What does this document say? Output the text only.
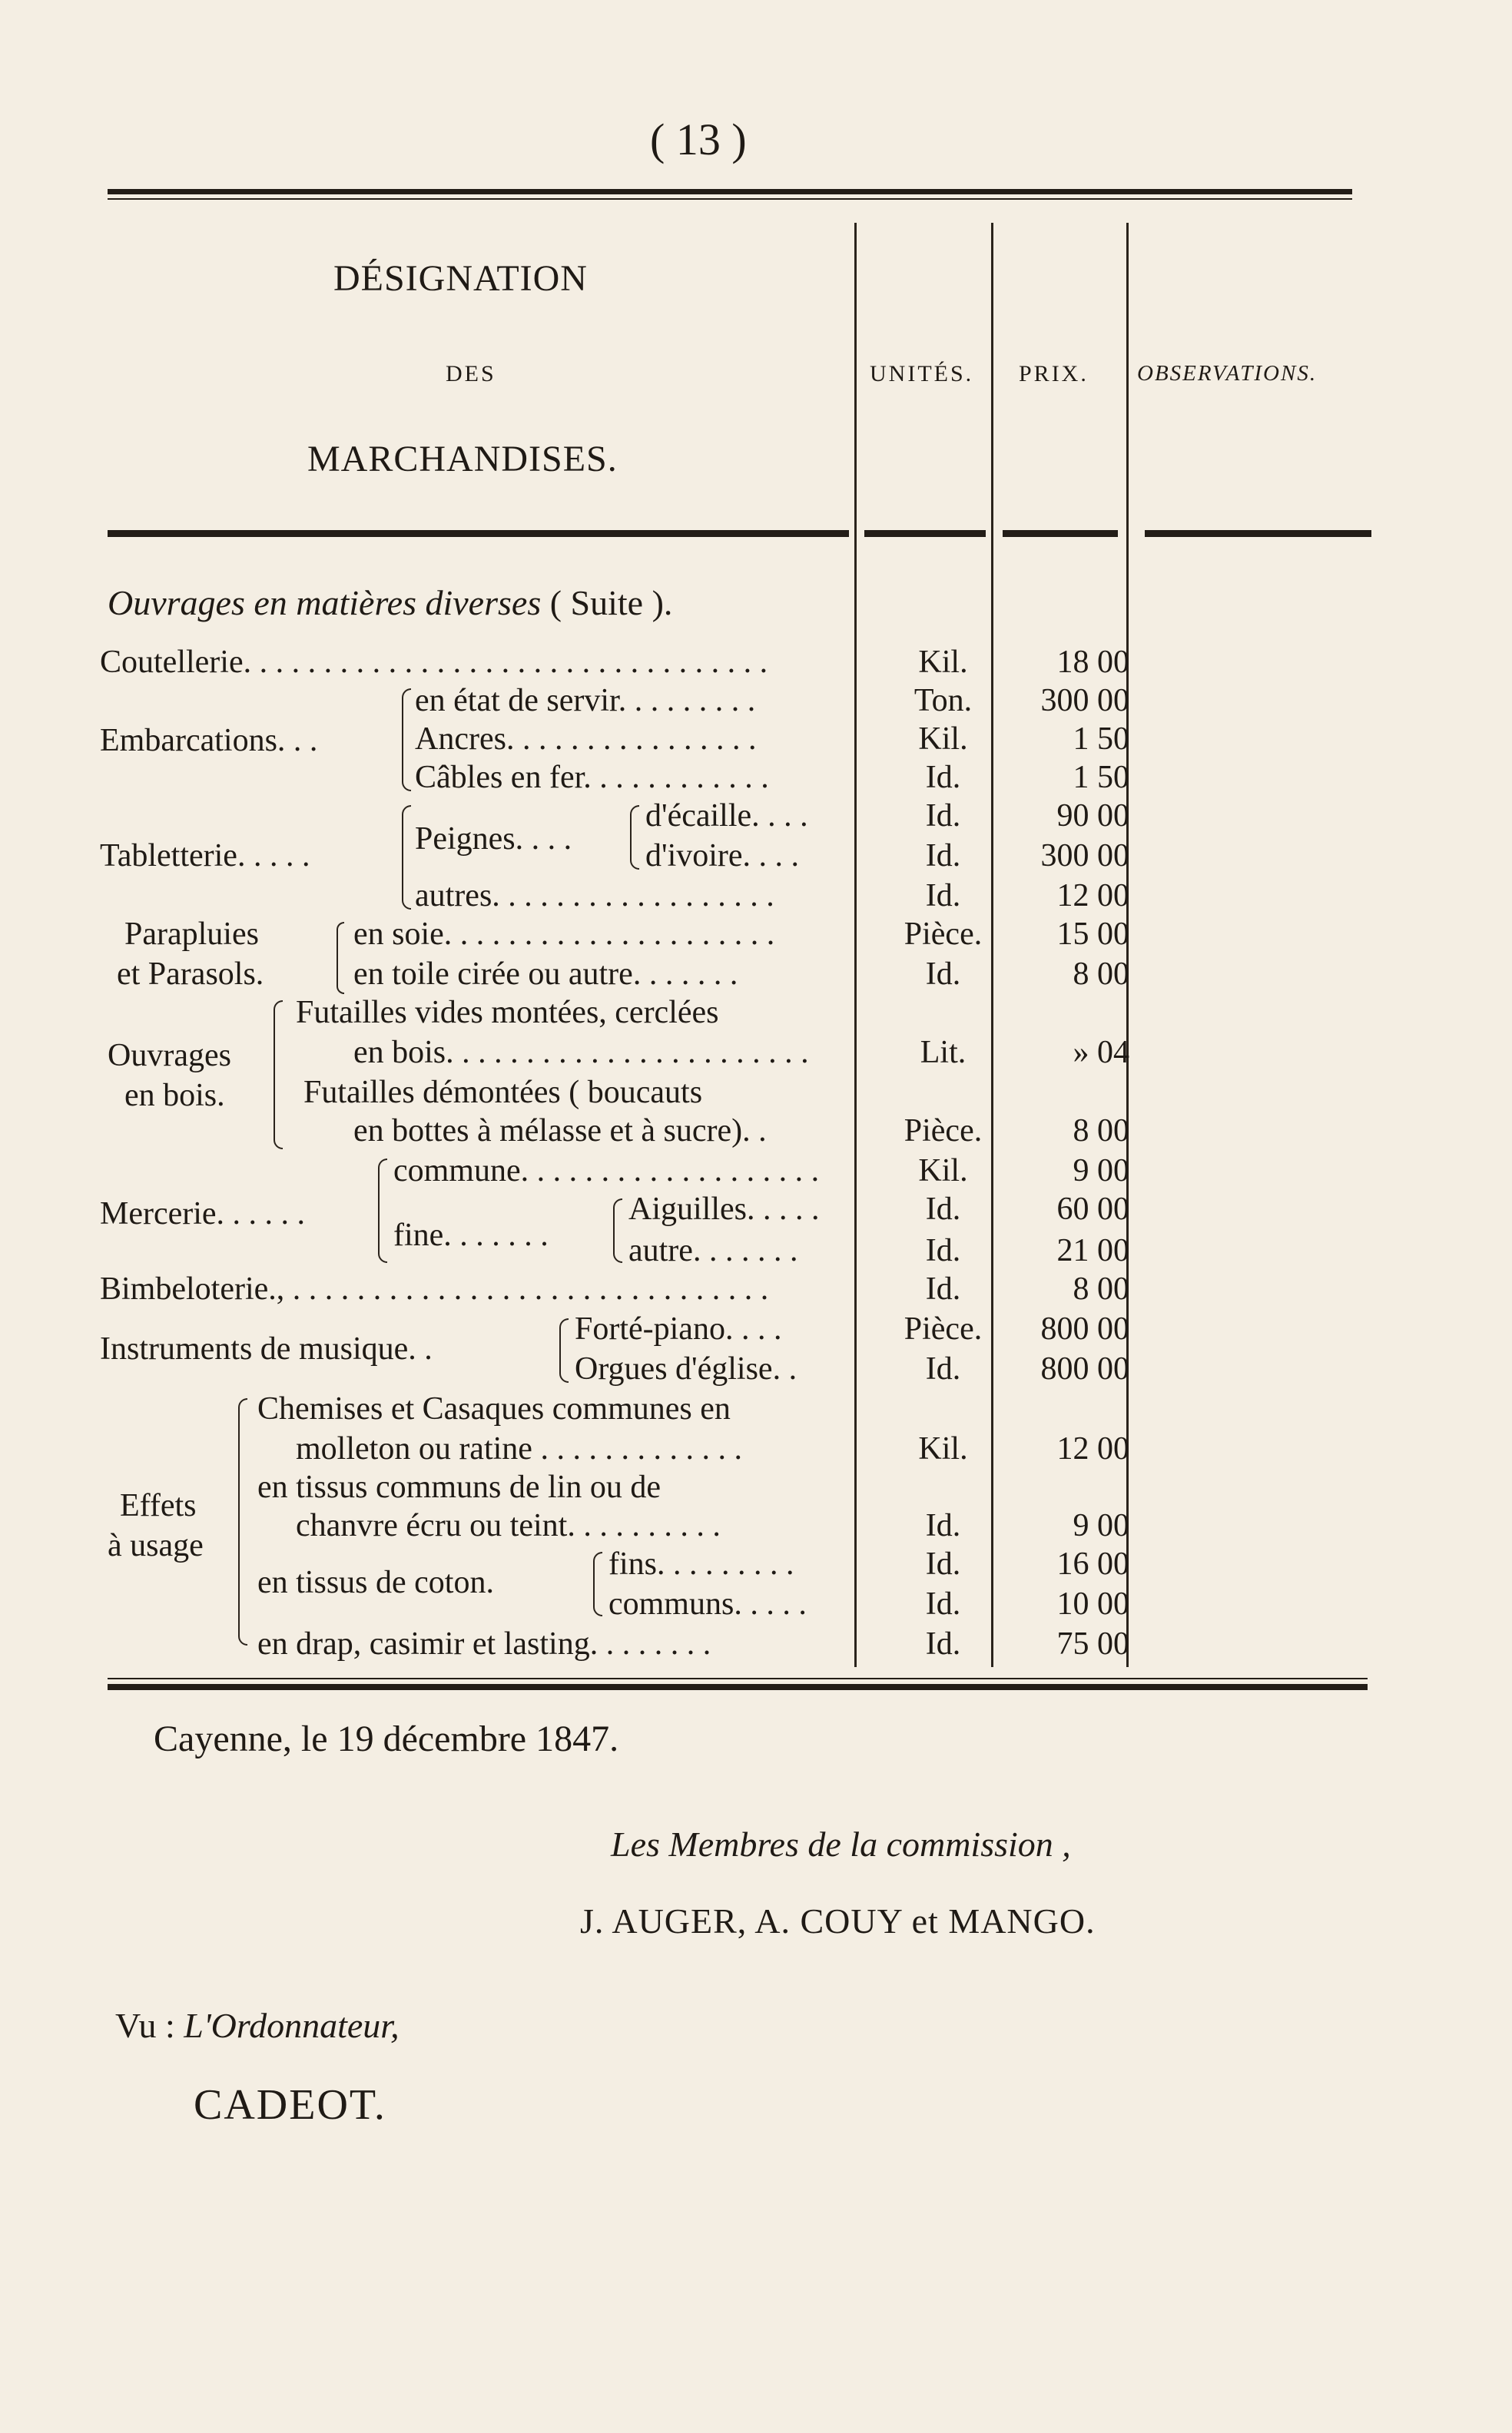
( 13 )
DÉSIGNATION
DES
MARCHANDISES.
UNITÉS. PRIX. OBSERVATIONS.
Ouvrages en matières diverses ( Suite ).
Coutellerie. . . . . . . . . . . . . . . . . . . . . . . . . . . . . . . . .	Kil.	18 00
Embarcations. . .
en état de servir. . . . . . . . .	Ton.	300 00
Ancres. . . . . . . . . . . . . . . .	Kil.	1 50
Câbles en fer. . . . . . . . . . . .	Id.	1 50
Tabletterie. . . . .	Peignes. . . .
d'écaille. . . .	Id.	90 00
d'ivoire. . . .	Id.	300 00
autres. . . . . . . . . . . . . . . . . .	Id.	12 00
Parapluies
et Parasols.
en soie. . . . . . . . . . . . . . . . . . . . .	Pièce.	15 00
en toile cirée ou autre. . . . . . .	Id.	8 00
Ouvrages
en bois.
Futailles vides montées, cerclées
en bois. . . . . . . . . . . . . . . . . . . . . . .	Lit.	» 04
Futailles démontées ( boucauts
en bottes à mélasse et à sucre). .	Pièce.	8 00
Mercerie. . . . . .
commune. . . . . . . . . . . . . . . . . . .	Kil.	9 00
fine. . . . . . .
Aiguilles. . . . .	Id.	60 00
autre. . . . . . .	Id.	21 00
Bimbeloterie., . . . . . . . . . . . . . . . . . . . . . . . . . . . . . .	Id.	8 00
Instruments de musique. .
Forté-piano. . . .	Pièce.	800 00
Orgues d'église. .	Id.	800 00
Effets
à usage
Chemises et Casaques communes en
molleton ou ratine . . . . . . . . . . . . .	Kil.	12 00
en tissus communs de lin ou de
chanvre écru ou teint. . . . . . . . . .	Id.	9 00
en tissus de coton.
fins. . . . . . . . .	Id.	16 00
communs. . . . .	Id.	10 00
en drap, casimir et lasting. . . . . . . .	Id.	75 00
Cayenne, le 19 décembre 1847.
Les Membres de la commission ,
J. AUGER, A. COUY et MANGO.
Vu : L'Ordonnateur,
CADEOT.
